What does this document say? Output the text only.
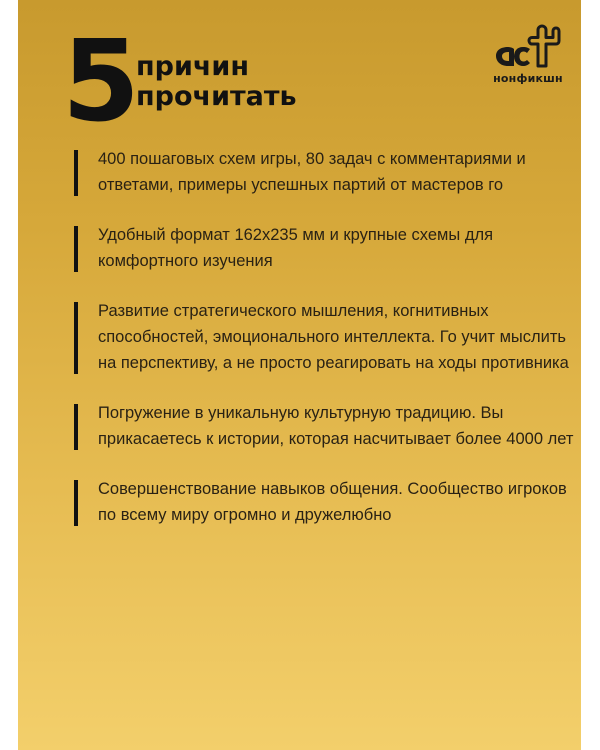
5
причин
прочитать
нонфикшн
400 пошаговых схем игры, 80 задач с комментариями и ответами, примеры успешных партий от мастеров го
Удобный формат 162х235 мм и крупные схемы для комфортного изучения
Развитие стратегического мышления, когнитивных способностей, эмоционального интеллекта. Го учит мыслить на перспективу, а не просто реагировать на ходы противника
Погружение в уникальную культурную традицию. Вы прикасаетесь к истории, которая насчитывает более 4000 лет
Совершенствование навыков общения. Сообщество игроков по всему миру огромно и дружелюбно
